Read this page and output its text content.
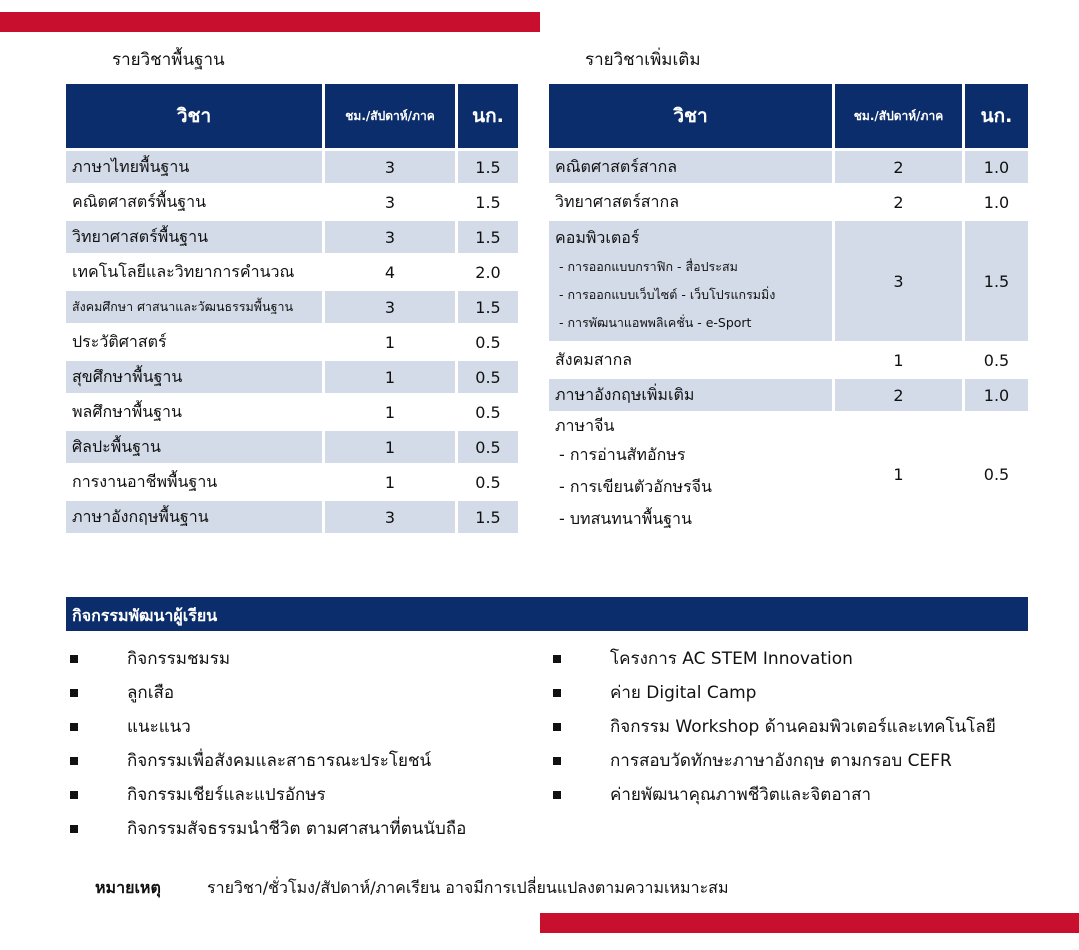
รายวิชาพื้นฐาน	รายวิชาเพิ่มเติม
วิชา	ชม./สัปดาห์/ภาค	นก.

ภาษาไทยพื้นฐาน	3	1.5

คณิตศาสตร์พื้นฐาน	3	1.5

วิทยาศาสตร์พื้นฐาน	3	1.5

เทคโนโลยีและวิทยาการคำนวณ	4	2.0

สังคมศึกษา ศาสนาและวัฒนธรรมพื้นฐาน	3	1.5

ประวัติศาสตร์	1	0.5

สุขศึกษาพื้นฐาน	1	0.5

พลศึกษาพื้นฐาน	1	0.5

ศิลปะพื้นฐาน	1	0.5

การงานอาชีพพื้นฐาน	1	0.5

ภาษาอังกฤษพื้นฐาน	3	1.5
วิชา	ชม./สัปดาห์/ภาค	นก.

คณิตศาสตร์สากล	2	1.0

วิทยาศาสตร์สากล	2	1.0

คอมพิวเตอร์
- การออกแบบกราฟิก - สื่อประสม
- การออกแบบเว็บไซต์ - เว็บโปรแกรมมิ่ง
- การพัฒนาแอพพลิเคชั่น - e-Sport	3	1.5

สังคมสากล	1	0.5

ภาษาอังกฤษเพิ่มเติม	2	1.0

ภาษาจีน
- การอ่านสัทอักษร
- การเขียนตัวอักษรจีน
- บทสนทนาพื้นฐาน	1	0.5
กิจกรรมพัฒนาผู้เรียน
กิจกรรมชมรม
ลูกเสือ
แนะแนว
กิจกรรมเพื่อสังคมและสาธารณะประโยชน์
กิจกรรมเชียร์และแปรอักษร
กิจกรรมสัจธรรมนำชีวิต ตามศาสนาที่ตนนับถือ
โครงการ AC STEM Innovation
ค่าย Digital Camp
กิจกรรม Workshop ด้านคอมพิวเตอร์และเทคโนโลยี
การสอบวัดทักษะภาษาอังกฤษ ตามกรอบ CEFR
ค่ายพัฒนาคุณภาพชีวิตและจิตอาสา
หมายเหตุ	รายวิชา/ชั่วโมง/สัปดาห์/ภาคเรียน อาจมีการเปลี่ยนแปลงตามความเหมาะสม
